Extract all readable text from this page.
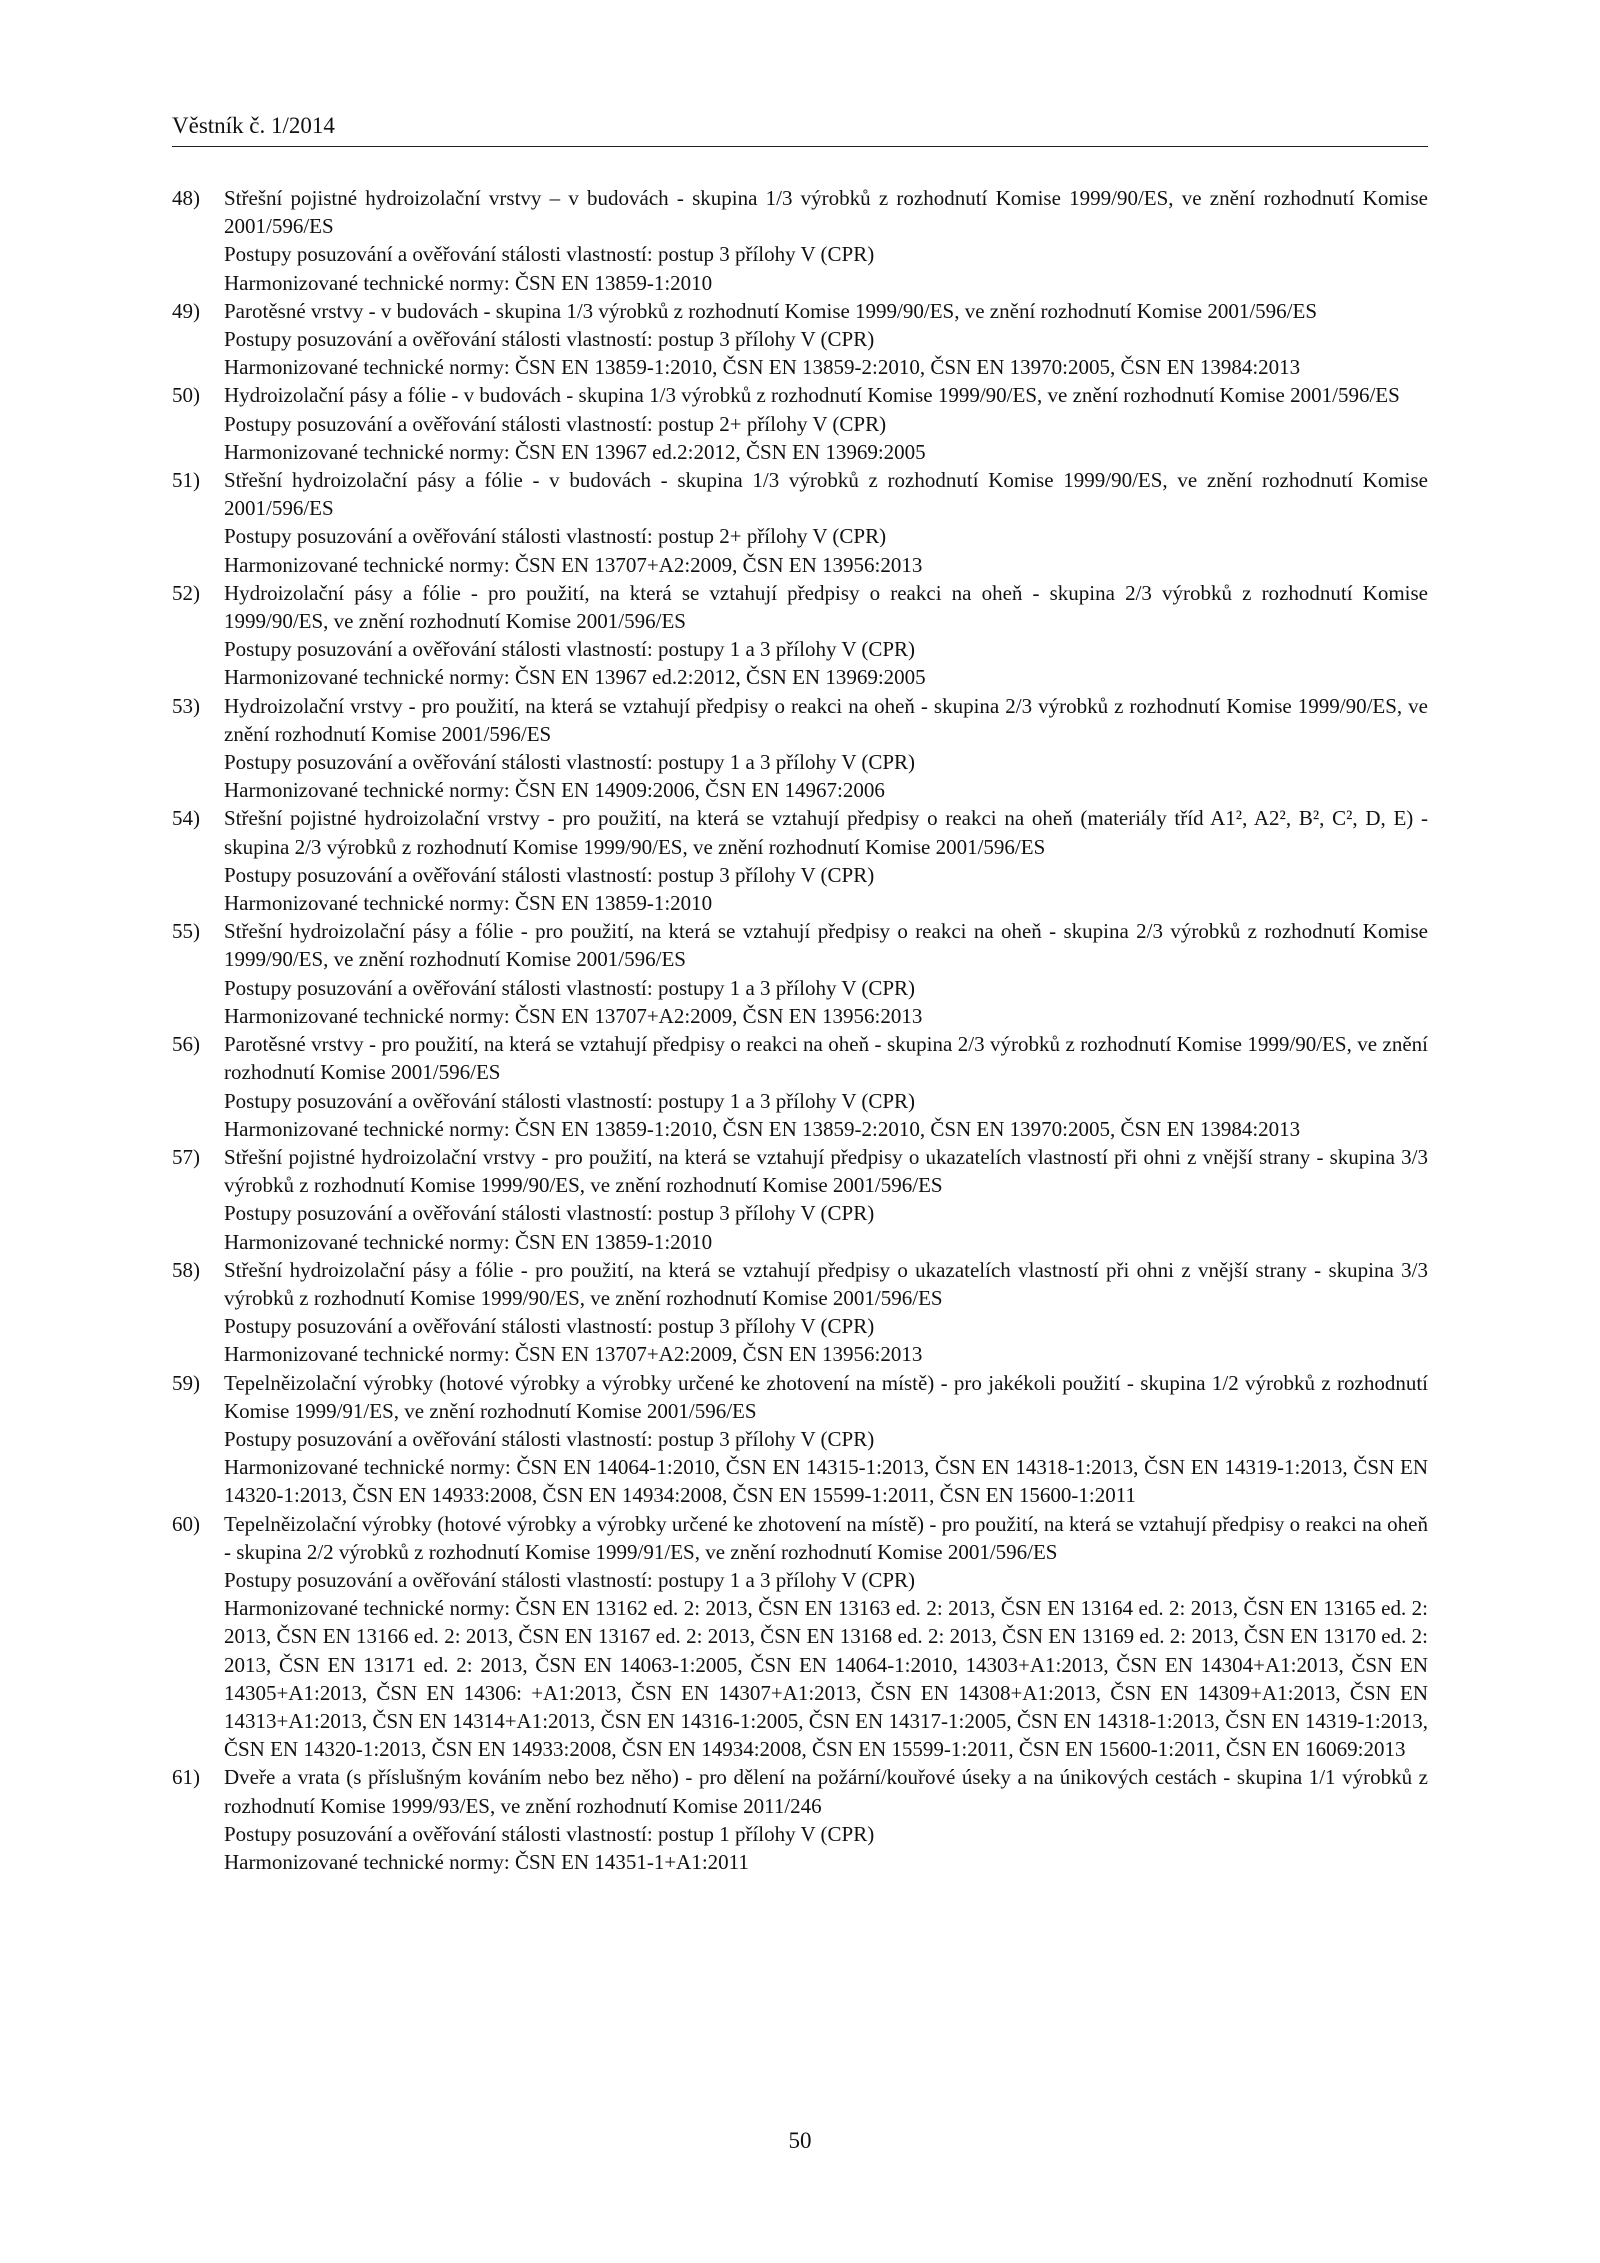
Věstník č. 1/2014
48) Střešní pojistné hydroizolační vrstvy – v budovách - skupina 1/3 výrobků z rozhodnutí Komise 1999/90/ES, ve znění rozhodnutí Komise 2001/596/ES
Postupy posuzování a ověřování stálosti vlastností: postup 3 přílohy V (CPR)
Harmonizované technické normy: ČSN EN 13859-1:2010
49) Parotěsné vrstvy - v budovách - skupina 1/3 výrobků z rozhodnutí Komise 1999/90/ES, ve znění rozhodnutí Komise 2001/596/ES
Postupy posuzování a ověřování stálosti vlastností: postup 3 přílohy V (CPR)
Harmonizované technické normy: ČSN EN 13859-1:2010, ČSN EN 13859-2:2010, ČSN EN 13970:2005, ČSN EN 13984:2013
50) Hydroizolační pásy a fólie - v budovách - skupina 1/3 výrobků z rozhodnutí Komise 1999/90/ES, ve znění rozhodnutí Komise 2001/596/ES
Postupy posuzování a ověřování stálosti vlastností: postup 2+ přílohy V (CPR)
Harmonizované technické normy: ČSN EN 13967 ed.2:2012, ČSN EN 13969:2005
51) Střešní hydroizolační pásy a fólie - v budovách - skupina 1/3 výrobků z rozhodnutí Komise 1999/90/ES, ve znění rozhodnutí Komise 2001/596/ES
Postupy posuzování a ověřování stálosti vlastností: postup 2+ přílohy V (CPR)
Harmonizované technické normy: ČSN EN 13707+A2:2009, ČSN EN 13956:2013
52) Hydroizolační pásy a fólie - pro použití, na která se vztahují předpisy o reakci na oheň - skupina 2/3 výrobků z rozhodnutí Komise 1999/90/ES, ve znění rozhodnutí Komise 2001/596/ES
Postupy posuzování a ověřování stálosti vlastností: postupy 1 a 3 přílohy V (CPR)
Harmonizované technické normy: ČSN EN 13967 ed.2:2012, ČSN EN 13969:2005
53) Hydroizolační vrstvy - pro použití, na která se vztahují předpisy o reakci na oheň - skupina 2/3 výrobků z rozhodnutí Komise 1999/90/ES, ve znění rozhodnutí Komise 2001/596/ES
Postupy posuzování a ověřování stálosti vlastností: postupy 1 a 3 přílohy V (CPR)
Harmonizované technické normy: ČSN EN 14909:2006, ČSN EN 14967:2006
54) Střešní pojistné hydroizolační vrstvy - pro použití, na která se vztahují předpisy o reakci na oheň (materiály tříd A1², A2², B², C², D, E) - skupina 2/3 výrobků z rozhodnutí Komise 1999/90/ES, ve znění rozhodnutí Komise 2001/596/ES
Postupy posuzování a ověřování stálosti vlastností: postup 3 přílohy V (CPR)
Harmonizované technické normy: ČSN EN 13859-1:2010
55) Střešní hydroizolační pásy a fólie - pro použití, na která se vztahují předpisy o reakci na oheň - skupina 2/3 výrobků z rozhodnutí Komise 1999/90/ES, ve znění rozhodnutí Komise 2001/596/ES
Postupy posuzování a ověřování stálosti vlastností: postupy 1 a 3 přílohy V (CPR)
Harmonizované technické normy: ČSN EN 13707+A2:2009, ČSN EN 13956:2013
56) Parotěsné vrstvy - pro použití, na která se vztahují předpisy o reakci na oheň - skupina 2/3 výrobků z rozhodnutí Komise 1999/90/ES, ve znění rozhodnutí Komise 2001/596/ES
Postupy posuzování a ověřování stálosti vlastností: postupy 1 a 3 přílohy V (CPR)
Harmonizované technické normy: ČSN EN 13859-1:2010, ČSN EN 13859-2:2010, ČSN EN 13970:2005, ČSN EN 13984:2013
57) Střešní pojistné hydroizolační vrstvy - pro použití, na která se vztahují předpisy o ukazatelích vlastností při ohni z vnější strany - skupina 3/3 výrobků z rozhodnutí Komise 1999/90/ES, ve znění rozhodnutí Komise 2001/596/ES
Postupy posuzování a ověřování stálosti vlastností: postup 3 přílohy V (CPR)
Harmonizované technické normy: ČSN EN 13859-1:2010
58) Střešní hydroizolační pásy a fólie - pro použití, na která se vztahují předpisy o ukazatelích vlastností při ohni z vnější strany - skupina 3/3 výrobků z rozhodnutí Komise 1999/90/ES, ve znění rozhodnutí Komise 2001/596/ES
Postupy posuzování a ověřování stálosti vlastností: postup 3 přílohy V (CPR)
Harmonizované technické normy: ČSN EN 13707+A2:2009, ČSN EN 13956:2013
59) Tepelněizolační výrobky (hotové výrobky a výrobky určené ke zhotovení na místě) - pro jakékoli použití - skupina 1/2 výrobků z rozhodnutí Komise 1999/91/ES, ve znění rozhodnutí Komise 2001/596/ES
Postupy posuzování a ověřování stálosti vlastností: postup 3 přílohy V (CPR)
Harmonizované technické normy: ČSN EN 14064-1:2010, ČSN EN 14315-1:2013, ČSN EN 14318-1:2013, ČSN EN 14319-1:2013, ČSN EN 14320-1:2013, ČSN EN 14933:2008, ČSN EN 14934:2008, ČSN EN 15599-1:2011, ČSN EN 15600-1:2011
60) Tepelněizolační výrobky (hotové výrobky a výrobky určené ke zhotovení na místě) - pro použití, na která se vztahují předpisy o reakci na oheň - skupina 2/2 výrobků z rozhodnutí Komise 1999/91/ES, ve znění rozhodnutí Komise 2001/596/ES
Postupy posuzování a ověřování stálosti vlastností: postupy 1 a 3 přílohy V (CPR)
Harmonizované technické normy: ČSN EN 13162 ed. 2: 2013, ČSN EN 13163 ed. 2: 2013, ČSN EN 13164 ed. 2: 2013, ČSN EN 13165 ed. 2: 2013, ČSN EN 13166 ed. 2: 2013, ČSN EN 13167 ed. 2: 2013, ČSN EN 13168 ed. 2: 2013, ČSN EN 13169 ed. 2: 2013, ČSN EN 13170 ed. 2: 2013, ČSN EN 13171 ed. 2: 2013, ČSN EN 14063-1:2005, ČSN EN 14064-1:2010, 14303+A1:2013, ČSN EN 14304+A1:2013, ČSN EN 14305+A1:2013, ČSN EN 14306: +A1:2013, ČSN EN 14307+A1:2013, ČSN EN 14308+A1:2013, ČSN EN 14309+A1:2013, ČSN EN 14313+A1:2013, ČSN EN 14314+A1:2013, ČSN EN 14316-1:2005, ČSN EN 14317-1:2005, ČSN EN 14318-1:2013, ČSN EN 14319-1:2013, ČSN EN 14320-1:2013, ČSN EN 14933:2008, ČSN EN 14934:2008, ČSN EN 15599-1:2011, ČSN EN 15600-1:2011, ČSN EN 16069:2013
61) Dveře a vrata (s příslušným kováním nebo bez něho) - pro dělení na požární/kouřové úseky a na únikových cestách - skupina 1/1 výrobků z rozhodnutí Komise 1999/93/ES, ve znění rozhodnutí Komise 2011/246
Postupy posuzování a ověřování stálosti vlastností: postup 1 přílohy V (CPR)
Harmonizované technické normy: ČSN EN 14351-1+A1:2011
50
